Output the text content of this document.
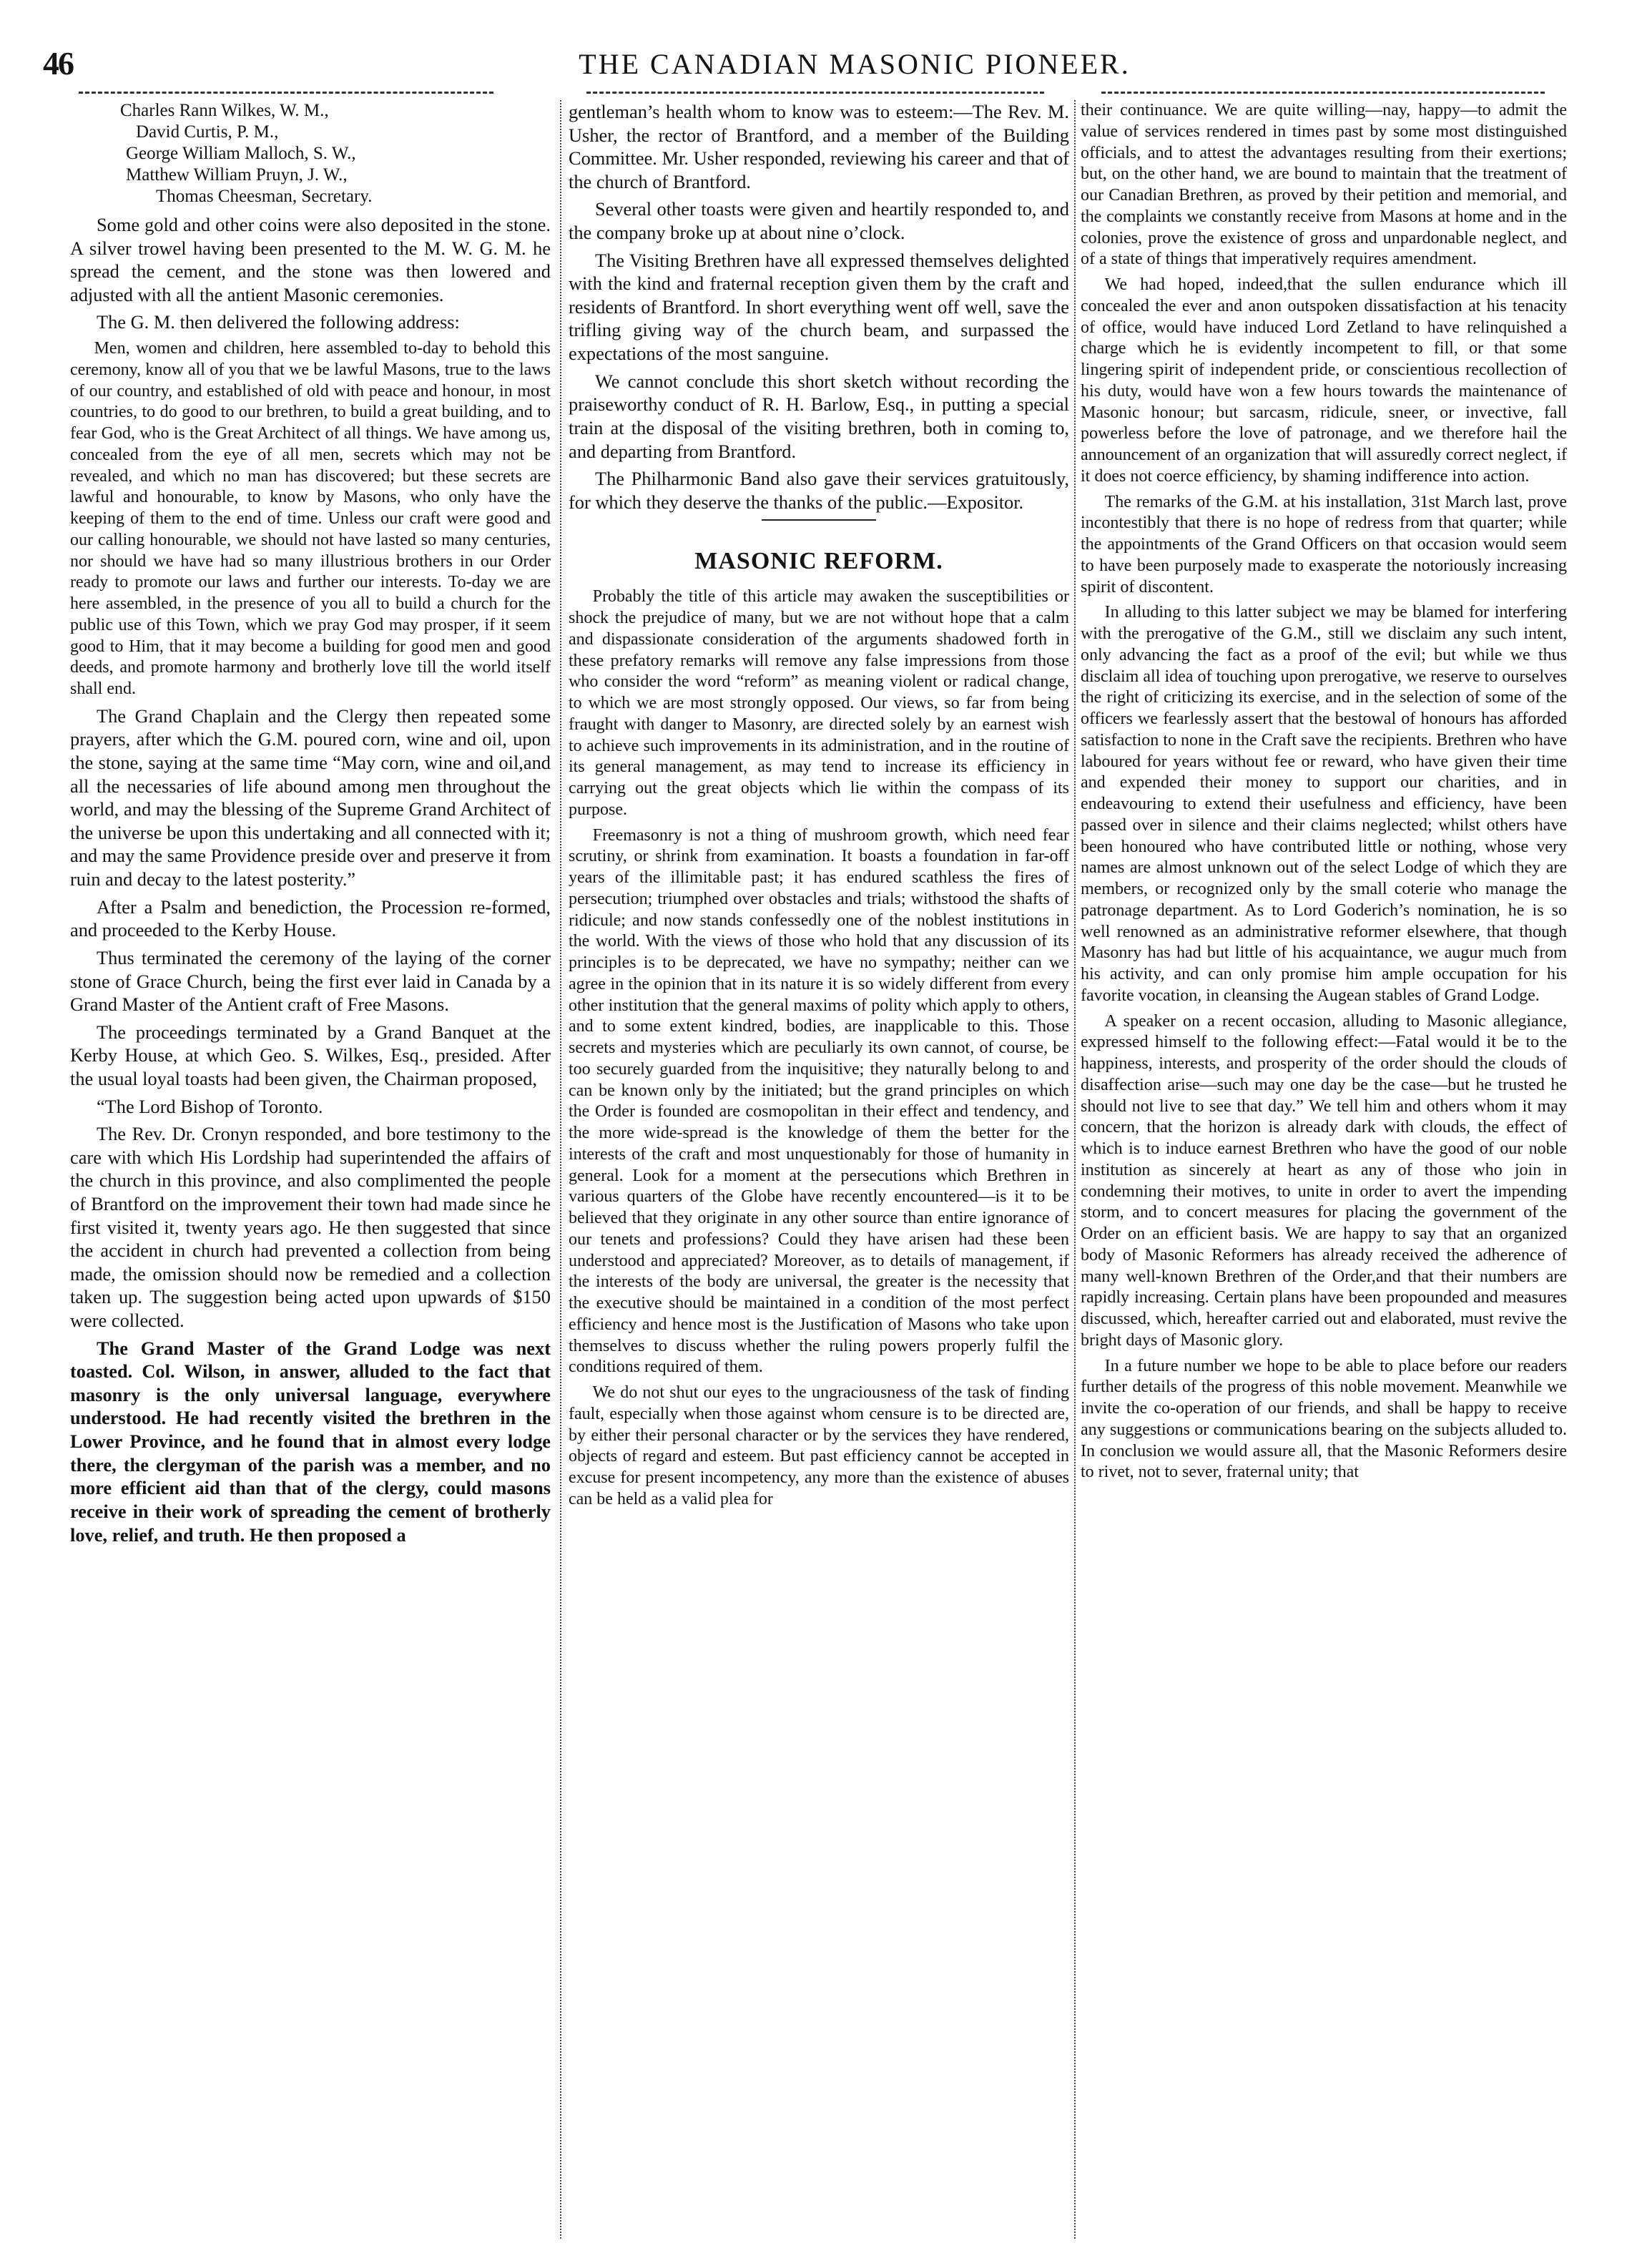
46	THE CANADIAN MASONIC PIONEER.
Charles Rann Wilkes, W. M.,
David Curtis, P. M.,
George William Malloch, S. W.,
Matthew William Pruyn, J. W.,
Thomas Cheesman, Secretary.

Some gold and other coins were also deposited in the stone. A silver trowel having been presented to the M. W. G. M. he spread the cement, and the stone was then lowered and adjusted with all the antient Masonic ceremonies.

The G. M. then delivered the following address:

Men, women and children, here assembled to-day to behold this ceremony, know all of you that we be lawful Masons, true to the laws of our country, and established of old with peace and honour, in most countries, to do good to our brethren, to build a great building, and to fear God, who is the Great Architect of all things. We have among us, concealed from the eye of all men, secrets which may not be revealed, and which no man has discovered; but these secrets are lawful and honourable, to know by Masons, who only have the keeping of them to the end of time. Unless our craft were good and our calling honourable, we should not have lasted so many centuries, nor should we have had so many illustrious brothers in our Order ready to promote our laws and further our interests. To-day we are here assembled, in the presence of you all to build a church for the public use of this Town, which we pray God may prosper, if it seem good to Him, that it may become a building for good men and good deeds, and promote harmony and brotherly love till the world itself shall end.

The Grand Chaplain and the Clergy then repeated some prayers, after which the G.M. poured corn, wine and oil, upon the stone, saying at the same time “May corn, wine and oil,and all the necessaries of life abound among men throughout the world, and may the blessing of the Supreme Grand Architect of the universe be upon this undertaking and all connected with it; and may the same Providence preside over and preserve it from ruin and decay to the latest posterity.”

After a Psalm and benediction, the Procession re-formed, and proceeded to the Kerby House.

Thus terminated the ceremony of the laying of the corner stone of Grace Church, being the first ever laid in Canada by a Grand Master of the Antient craft of Free Masons.

The proceedings terminated by a Grand Banquet at the Kerby House, at which Geo. S. Wilkes, Esq., presided. After the usual loyal toasts had been given, the Chairman proposed,

“The Lord Bishop of Toronto.

The Rev. Dr. Cronyn responded, and bore testimony to the care with which His Lordship had superintended the affairs of the church in this province, and also complimented the people of Brantford on the improvement their town had made since he first visited it, twenty years ago. He then suggested that since the accident in church had prevented a collection from being made, the omission should now be remedied and a collection taken up. The suggestion being acted upon upwards of $150 were collected.

The Grand Master of the Grand Lodge was next toasted. Col. Wilson, in answer, alluded to the fact that masonry is the only universal language, everywhere understood. He had recently visited the brethren in the Lower Province, and he found that in almost every lodge there, the clergyman of the parish was a member, and no more efficient aid than that of the clergy, could masons receive in their work of spreading the cement of brotherly love, relief, and truth. He then proposed a

gentleman’s health whom to know was to esteem:—The Rev. M. Usher, the rector of Brantford, and a member of the Building Committee. Mr. Usher responded, reviewing his career and that of the church of Brantford.

Several other toasts were given and heartily responded to, and the company broke up at about nine o’clock.

The Visiting Brethren have all expressed themselves delighted with the kind and fraternal reception given them by the craft and residents of Brantford. In short everything went off well, save the trifling giving way of the church beam, and surpassed the expectations of the most sanguine.

We cannot conclude this short sketch without recording the praiseworthy conduct of R. H. Barlow, Esq., in putting a special train at the disposal of the visiting brethren, both in coming to, and departing from Brantford.

The Philharmonic Band also gave their services gratuitously, for which they deserve the thanks of the public.—Expositor.

MASONIC REFORM.

Probably the title of this article may awaken the susceptibilities or shock the prejudice of many, but we are not without hope that a calm and dispassionate consideration of the arguments shadowed forth in these prefatory remarks will remove any false impressions from those who consider the word “reform” as meaning violent or radical change, to which we are most strongly opposed. Our views, so far from being fraught with danger to Masonry, are directed solely by an earnest wish to achieve such improvements in its administration, and in the routine of its general management, as may tend to increase its efficiency in carrying out the great objects which lie within the compass of its purpose.

Freemasonry is not a thing of mushroom growth, which need fear scrutiny, or shrink from examination. It boasts a foundation in far-off years of the illimitable past; it has endured scathless the fires of persecution; triumphed over obstacles and trials; withstood the shafts of ridicule; and now stands confessedly one of the noblest institutions in the world. With the views of those who hold that any discussion of its principles is to be deprecated, we have no sympathy; neither can we agree in the opinion that in its nature it is so widely different from every other institution that the general maxims of polity which apply to others, and to some extent kindred, bodies, are inapplicable to this. Those secrets and mysteries which are peculiarly its own cannot, of course, be too securely guarded from the inquisitive; they naturally belong to and can be known only by the initiated; but the grand principles on which the Order is founded are cosmopolitan in their effect and tendency, and the more wide-spread is the knowledge of them the better for the interests of the craft and most unquestionably for those of humanity in general. Look for a moment at the persecutions which Brethren in various quarters of the Globe have recently encountered—is it to be believed that they originate in any other source than entire ignorance of our tenets and professions? Could they have arisen had these been understood and appreciated? Moreover, as to details of management, if the interests of the body are universal, the greater is the necessity that the executive should be maintained in a condition of the most perfect efficiency and hence most is the Justification of Masons who take upon themselves to discuss whether the ruling powers properly fulfil the conditions required of them.

We do not shut our eyes to the ungraciousness of the task of finding fault, especially when those against whom censure is to be directed are, by either their personal character or by the services they have rendered, objects of regard and esteem. But past efficiency cannot be accepted in excuse for present incompetency, any more than the existence of abuses can be held as a valid plea for

their continuance. We are quite willing—nay, happy—to admit the value of services rendered in times past by some most distinguished officials, and to attest the advantages resulting from their exertions; but, on the other hand, we are bound to maintain that the treatment of our Canadian Brethren, as proved by their petition and memorial, and the complaints we constantly receive from Masons at home and in the colonies, prove the existence of gross and unpardonable neglect, and of a state of things that imperatively requires amendment.

We had hoped, indeed,that the sullen endurance which ill concealed the ever and anon outspoken dissatisfaction at his tenacity of office, would have induced Lord Zetland to have relinquished a charge which he is evidently incompetent to fill, or that some lingering spirit of independent pride, or conscientious recollection of his duty, would have won a few hours towards the maintenance of Masonic honour; but sarcasm, ridicule, sneer, or invective, fall powerless before the love of patronage, and we therefore hail the announcement of an organization that will assuredly correct neglect, if it does not coerce efficiency, by shaming indifference into action.

The remarks of the G.M. at his installation, 31st March last, prove incontestibly that there is no hope of redress from that quarter; while the appointments of the Grand Officers on that occasion would seem to have been purposely made to exasperate the notoriously increasing spirit of discontent.

In alluding to this latter subject we may be blamed for interfering with the prerogative of the G.M., still we disclaim any such intent, only advancing the fact as a proof of the evil; but while we thus disclaim all idea of touching upon prerogative, we reserve to ourselves the right of criticizing its exercise, and in the selection of some of the officers we fearlessly assert that the bestowal of honours has afforded satisfaction to none in the Craft save the recipients. Brethren who have laboured for years without fee or reward, who have given their time and expended their money to support our charities, and in endeavouring to extend their usefulness and efficiency, have been passed over in silence and their claims neglected; whilst others have been honoured who have contributed little or nothing, whose very names are almost unknown out of the select Lodge of which they are members, or recognized only by the small coterie who manage the patronage department. As to Lord Goderich’s nomination, he is so well renowned as an administrative reformer elsewhere, that though Masonry has had but little of his acquaintance, we augur much from his activity, and can only promise him ample occupation for his favorite vocation, in cleansing the Augean stables of Grand Lodge.

A speaker on a recent occasion, alluding to Masonic allegiance, expressed himself to the following effect:—Fatal would it be to the happiness, interests, and prosperity of the order should the clouds of disaffection arise—such may one day be the case—but he trusted he should not live to see that day.” We tell him and others whom it may concern, that the horizon is already dark with clouds, the effect of which is to induce earnest Brethren who have the good of our noble institution as sincerely at heart as any of those who join in condemning their motives, to unite in order to avert the impending storm, and to concert measures for placing the government of the Order on an efficient basis. We are happy to say that an organized body of Masonic Reformers has already received the adherence of many well-known Brethren of the Order,and that their numbers are rapidly increasing. Certain plans have been propounded and measures discussed, which, hereafter carried out and elaborated, must revive the bright days of Masonic glory.

In a future number we hope to be able to place before our readers further details of the progress of this noble movement. Meanwhile we invite the co-operation of our friends, and shall be happy to receive any suggestions or communications bearing on the subjects alluded to. In conclusion we would assure all, that the Masonic Reformers desire to rivet, not to sever, fraternal unity; that
